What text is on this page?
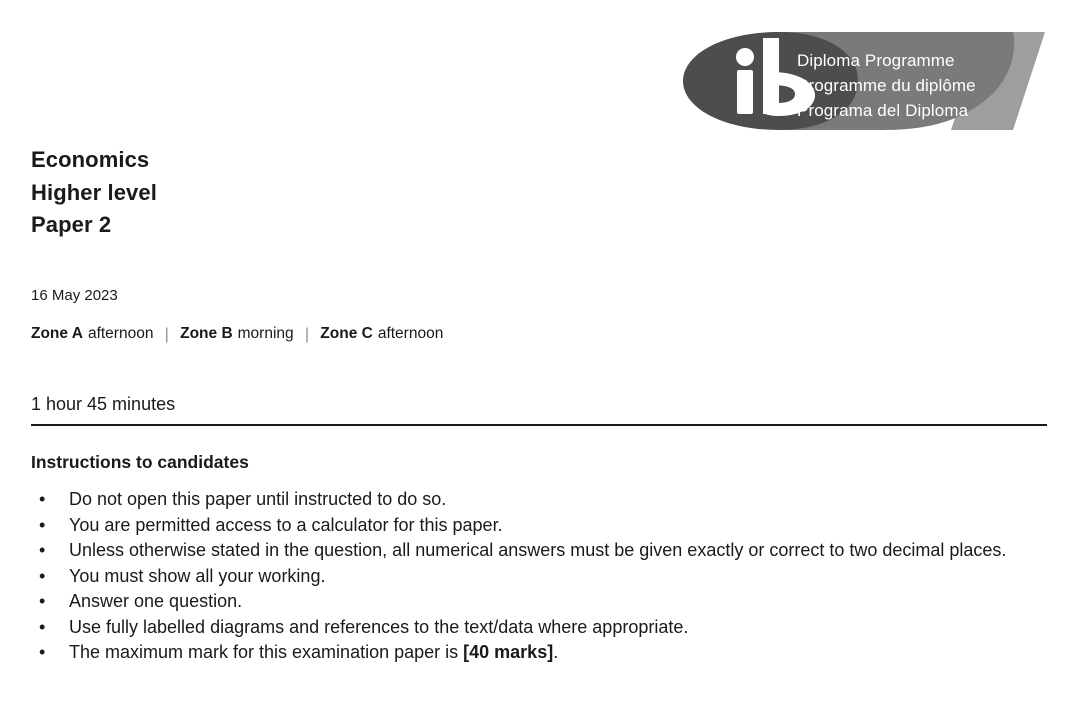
Diploma Programme
Programme du diplôme
Programa del Diploma
Economics
Higher level
Paper 2
16 May 2023
Zone A afternoon | Zone B morning | Zone C afternoon
1 hour 45 minutes
Instructions to candidates
• Do not open this paper until instructed to do so.
• You are permitted access to a calculator for this paper.
• Unless otherwise stated in the question, all numerical answers must be given exactly or correct to two decimal places.
• You must show all your working.
• Answer one question.
• Use fully labelled diagrams and references to the text/data where appropriate.
• The maximum mark for this examination paper is [40 marks].
